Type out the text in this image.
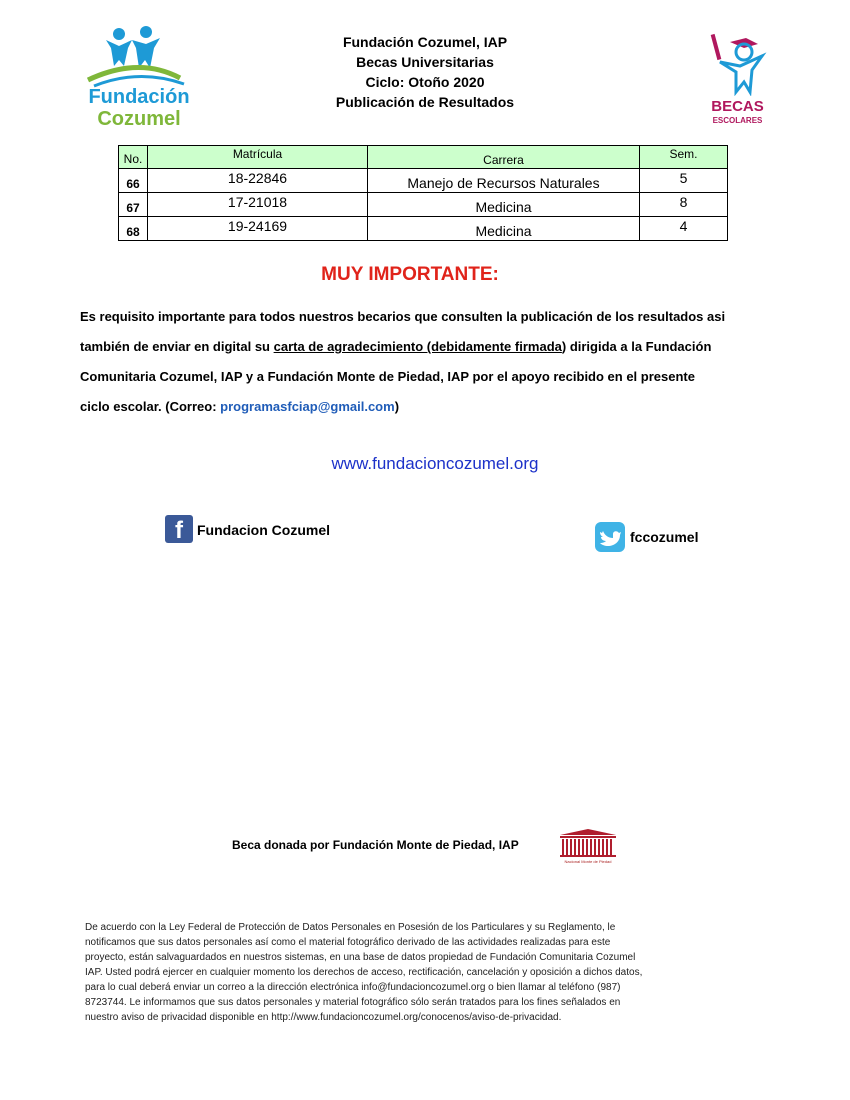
Fundación
Cozumel
Fundación Cozumel, IAP
Becas Universitarias
Ciclo: Otoño 2020
Publicación de Resultados	BECAS
ESCOLARES
No.	Matrícula	Carrera	Sem.
66	18-22846	Manejo de Recursos Naturales	5
67	17-21018	Medicina	8
68	19-24169	Medicina	4
MUY IMPORTANTE:
Es requisito importante para todos nuestros becarios que consulten la publicación de los resultados asi
también de enviar en digital su carta de agradecimiento (debidamente firmada) dirigida a la Fundación
Comunitaria Cozumel, IAP y a Fundación Monte de Piedad, IAP por el apoyo recibido en el presente
ciclo escolar. (Correo: programasfciap@gmail.com)
www.fundacioncozumel.org
f	Fundacion Cozumel	fccozumel
Beca donada por Fundación Monte de Piedad, IAP
Nacional Monte de Piedad
De acuerdo con la Ley Federal de Protección de Datos Personales en Posesión de los Particulares y su Reglamento, le
notificamos que sus datos personales así como el material fotográfico derivado de las actividades realizadas para este
proyecto, están salvaguardados en nuestros sistemas, en una base de datos propiedad de Fundación Comunitaria Cozumel
IAP. Usted podrá ejercer en cualquier momento los derechos de acceso, rectificación, cancelación y oposición a dichos datos,
para lo cual deberá enviar un correo a la dirección electrónica info@fundacioncozumel.org o bien llamar al teléfono (987)
8723744. Le informamos que sus datos personales y material fotográfico sólo serán tratados para los fines señalados en
nuestro aviso de privacidad disponible en http://www.fundacioncozumel.org/conocenos/aviso-de-privacidad.
